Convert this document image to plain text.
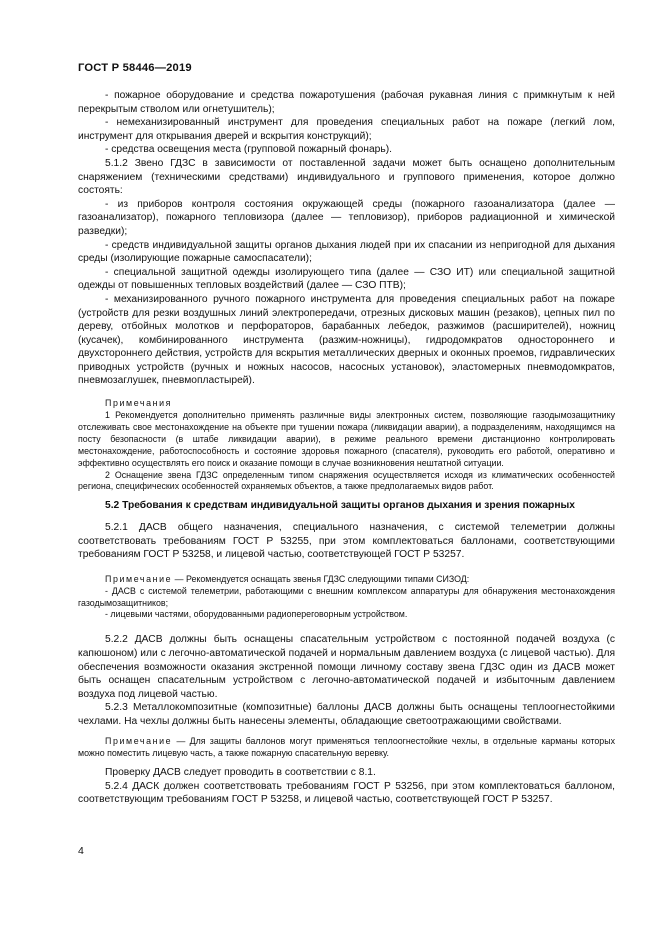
ГОСТ Р 58446—2019

- пожарное оборудование и средства пожаротушения (рабочая рукавная линия с примкнутым к ней перекрытым стволом или огнетушитель);

- немеханизированный инструмент для проведения специальных работ на пожаре (легкий лом, инструмент для открывания дверей и вскрытия конструкций);

- средства освещения места (групповой пожарный фонарь).

5.1.2 Звено ГДЗС в зависимости от поставленной задачи может быть оснащено дополнительным снаряжением (техническими средствами) индивидуального и группового применения, которое должно состоять:

- из приборов контроля состояния окружающей среды (пожарного газоанализатора (далее — газоанализатор), пожарного тепловизора (далее — тепловизор), приборов радиационной и химической разведки);

- средств индивидуальной защиты органов дыхания людей при их спасании из непригодной для дыхания среды (изолирующие пожарные самоспасатели);

- специальной защитной одежды изолирующего типа (далее — СЗО ИТ) или специальной защитной одежды от повышенных тепловых воздействий (далее — СЗО ПТВ);

- механизированного ручного пожарного инструмента для проведения специальных работ на пожаре (устройств для резки воздушных линий электропередачи, отрезных дисковых машин (резаков), цепных пил по дереву, отбойных молотков и перфораторов, барабанных лебедок, разжимов (расширителей), ножниц (кусачек), комбинированного инструмента (разжим-ножницы), гидродомкратов одностороннего и двухстороннего действия, устройств для вскрытия металлических дверных и оконных проемов, гидравлических приводных устройств (ручных и ножных насосов, насосных установок), эластомерных пневмодомкратов, пневмозаглушек, пневмопластырей).

Примечания

1 Рекомендуется дополнительно применять различные виды электронных систем, позволяющие газодымозащитнику отслеживать свое местонахождение на объекте при тушении пожара (ликвидации аварии), а подразделениям, находящимся на посту безопасности (в штабе ликвидации аварии), в режиме реального времени дистанционно контролировать местонахождение, работоспособность и состояние здоровья пожарного (спасателя), руководить его работой, оперативно и эффективно осуществлять его поиск и оказание помощи в случае возникновения нештатной ситуации.

2 Оснащение звена ГДЗС определенным типом снаряжения осуществляется исходя из климатических особенностей региона, специфических особенностей охраняемых объектов, а также предполагаемых видов работ.

5.2 Требования к средствам индивидуальной защиты органов дыхания и зрения пожарных

5.2.1 ДАСВ общего назначения, специального назначения, с системой телеметрии должны соответствовать требованиям ГОСТ Р 53255, при этом комплектоваться баллонами, соответствующими требованиям ГОСТ Р 53258, и лицевой частью, соответствующей ГОСТ Р 53257.

Примечание — Рекомендуется оснащать звенья ГДЗС следующими типами СИЗОД:

- ДАСВ с системой телеметрии, работающими с внешним комплексом аппаратуры для обнаружения местонахождения газодымозащитников;

- лицевыми частями, оборудованными радиопереговорным устройством.

5.2.2 ДАСВ должны быть оснащены спасательным устройством с постоянной подачей воздуха (с капюшоном) или с легочно-автоматической подачей и нормальным давлением воздуха (с лицевой частью). Для обеспечения возможности оказания экстренной помощи личному составу звена ГДЗС один из ДАСВ может быть оснащен спасательным устройством с легочно-автоматической подачей и избыточным давлением воздуха под лицевой частью.

5.2.3 Металлокомпозитные (композитные) баллоны ДАСВ должны быть оснащены теплоогнестойкими чехлами. На чехлы должны быть нанесены элементы, обладающие светоотражающими свойствами.

Примечание — Для защиты баллонов могут применяться теплоогнестойкие чехлы, в отдельные карманы которых можно поместить лицевую часть, а также пожарную спасательную веревку.

Проверку ДАСВ следует проводить в соответствии с 8.1.

5.2.4 ДАСК должен соответствовать требованиям ГОСТ Р 53256, при этом комплектоваться баллоном, соответствующим требованиям ГОСТ Р 53258, и лицевой частью, соответствующей ГОСТ Р 53257.

4
